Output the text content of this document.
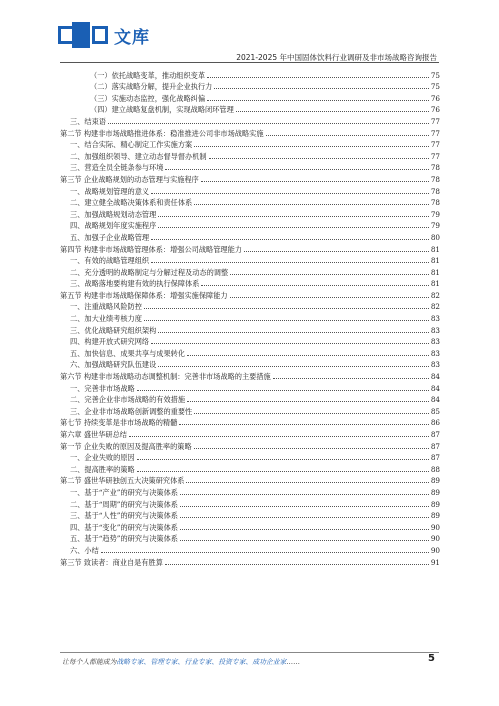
文库
2021-2025 年中国固体饮料行业调研及非市场战略咨询报告
（一）依托战略变革，推动组织变革	75
（二）落实战略分解，提升企业执行力	75
（三）实施动态监控，强化战略纠偏	76
（四）建立战略复盘机制，实现战略闭环管理	76
三、结束语	77
第二节 构建非市场战略推进体系：稳准推进公司非市场战略实施	77
一、结合实际、精心制定工作实施方案	77
二、加强组织领导、建立动态督导督办机制	77
三、营造全员全链条参与环境	78
第三节 企业战略规划的动态管理与实施程序	78
一、战略规划管理的意义	78
二、建立健全战略决策体系和责任体系	78
三、加强战略规划动态管理	79
四、战略规划年度实施程序	79
五、加强子企业战略管理	80
第四节 构建非市场战略管理体系：增强公司战略管理能力	81
一、有效的战略管理组织	81
二、充分透明的战略制定与分解过程及动态的调整	81
三、战略落地要构建有效的执行保障体系	81
第五节 构建非市场战略保障体系：增强实施保障能力	82
一、注重战略风险防控	82
二、加大业绩考核力度	83
三、优化战略研究组织架构	83
四、构建开放式研究网络	83
五、加快信息、成果共享与成果转化	83
六、加强战略研究队伍建设	83
第六节 构建非市场战略动态调整机制：完善非市场战略的主要措施	84
一、完善非市场战略	84
二、完善企业非市场战略的有效措施	84
三、企业非市场战略创新调整的重要性	85
第七节 持续变革是非市场战略的精髓	86
第六章 盛世华研总结	87
第一节 企业失败的原因及提高胜率的策略	87
一、企业失败的原因	87
二、提高胜率的策略	88
第二节 盛世华研独创五大决策研究体系	89
一、基于“产业”的研究与决策体系	89
二、基于“周期”的研究与决策体系	89
三、基于“人性”的研究与决策体系	89
四、基于“变化”的研究与决策体系	90
五、基于“趋势”的研究与决策体系	90
六、小结	90
第三节 致读者：商业自是有胜算	91
让每个人都能成为战略专家、管理专家、行业专家、投资专家、成功企业家……	5
